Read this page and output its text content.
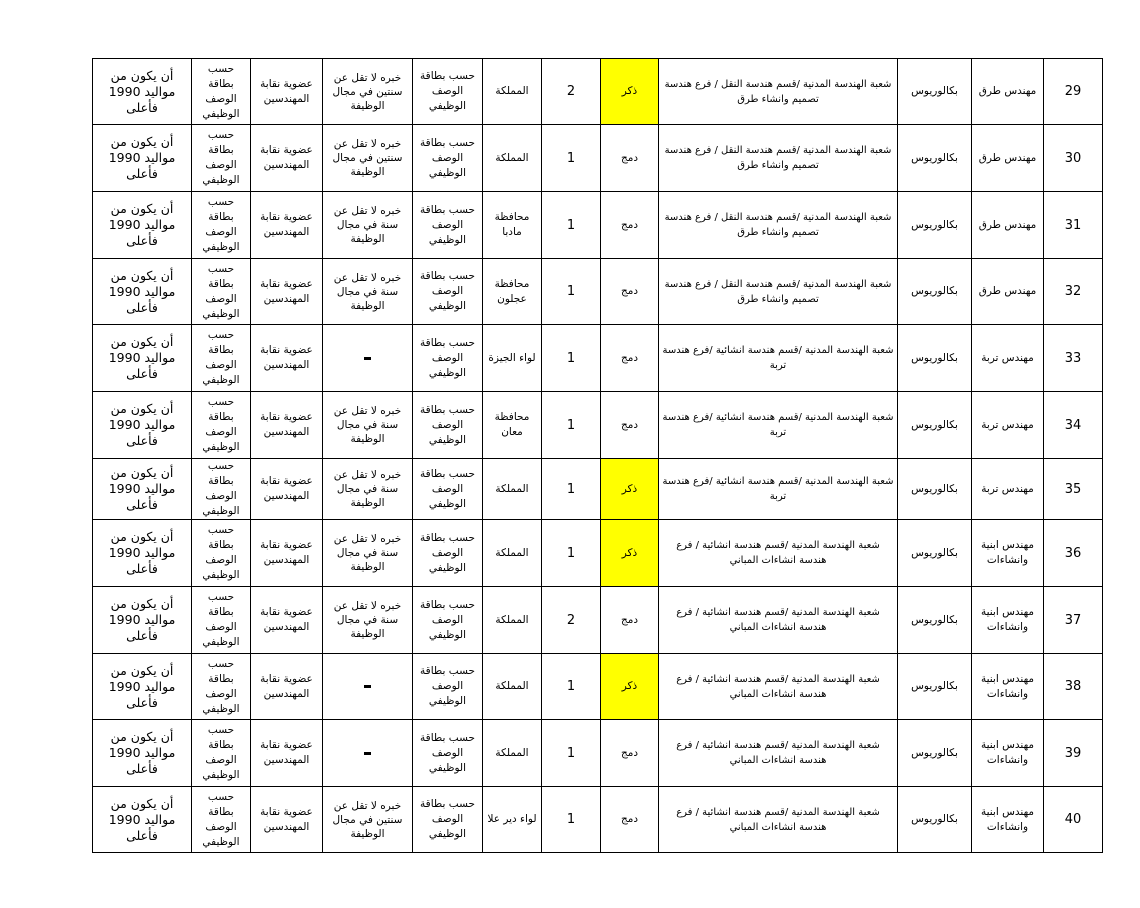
أن يكون من مواليد 1990 فأعلى	حسب بطاقة الوصف الوظيفي	عضوية نقابة المهندسين	خبره لا تقل عن سنتين في مجال الوظيفة	حسب بطاقة الوصف الوظيفي	المملكة	2	ذكر	شعبة الهندسة المدنية /قسم هندسة النقل / فرع هندسة تصميم وانشاء طرق	بكالوريوس	مهندس طرق	29
أن يكون من مواليد 1990 فأعلى	حسب بطاقة الوصف الوظيفي	عضوية نقابة المهندسين	خبره لا تقل عن سنتين في مجال الوظيفة	حسب بطاقة الوصف الوظيفي	المملكة	1	دمج	شعبة الهندسة المدنية /قسم هندسة النقل / فرع هندسة تصميم وانشاء طرق	بكالوريوس	مهندس طرق	30
أن يكون من مواليد 1990 فأعلى	حسب بطاقة الوصف الوظيفي	عضوية نقابة المهندسين	خبره لا تقل عن سنة في مجال الوظيفة	حسب بطاقة الوصف الوظيفي	محافظة مادبا	1	دمج	شعبة الهندسة المدنية /قسم هندسة النقل / فرع هندسة تصميم وانشاء طرق	بكالوريوس	مهندس طرق	31
أن يكون من مواليد 1990 فأعلى	حسب بطاقة الوصف الوظيفي	عضوية نقابة المهندسين	خبره لا تقل عن سنة في مجال الوظيفة	حسب بطاقة الوصف الوظيفي	محافظة عجلون	1	دمج	شعبة الهندسة المدنية /قسم هندسة النقل / فرع هندسة تصميم وانشاء طرق	بكالوريوس	مهندس طرق	32
أن يكون من مواليد 1990 فأعلى	حسب بطاقة الوصف الوظيفي	عضوية نقابة المهندسين		حسب بطاقة الوصف الوظيفي	لواء الجيزة	1	دمج	شعبة الهندسة المدنية /قسم هندسة انشائية /فرع هندسة تربة	بكالوريوس	مهندس تربة	33
أن يكون من مواليد 1990 فأعلى	حسب بطاقة الوصف الوظيفي	عضوية نقابة المهندسين	خبره لا تقل عن سنة في مجال الوظيفة	حسب بطاقة الوصف الوظيفي	محافظة معان	1	دمج	شعبة الهندسة المدنية /قسم هندسة انشائية /فرع هندسة تربة	بكالوريوس	مهندس تربة	34
أن يكون من مواليد 1990 فأعلى	حسب بطاقة الوصف الوظيفي	عضوية نقابة المهندسين	خبره لا تقل عن سنة في مجال الوظيفة	حسب بطاقة الوصف الوظيفي	المملكة	1	ذكر	شعبة الهندسة المدنية /قسم هندسة انشائية /فرع هندسة تربة	بكالوريوس	مهندس تربة	35
أن يكون من مواليد 1990 فأعلى	حسب بطاقة الوصف الوظيفي	عضوية نقابة المهندسين	خبره لا تقل عن سنة في مجال الوظيفة	حسب بطاقة الوصف الوظيفي	المملكة	1	ذكر	شعبة الهندسة المدنية /قسم هندسة انشائية / فرع هندسة انشاءات المباني	بكالوريوس	مهندس ابنية وانشاءات	36
أن يكون من مواليد 1990 فأعلى	حسب بطاقة الوصف الوظيفي	عضوية نقابة المهندسين	خبره لا تقل عن سنة في مجال الوظيفة	حسب بطاقة الوصف الوظيفي	المملكة	2	دمج	شعبة الهندسة المدنية /قسم هندسة انشائية / فرع هندسة انشاءات المباني	بكالوريوس	مهندس ابنية وانشاءات	37
أن يكون من مواليد 1990 فأعلى	حسب بطاقة الوصف الوظيفي	عضوية نقابة المهندسين		حسب بطاقة الوصف الوظيفي	المملكة	1	ذكر	شعبة الهندسة المدنية /قسم هندسة انشائية / فرع هندسة انشاءات المباني	بكالوريوس	مهندس ابنية وانشاءات	38
أن يكون من مواليد 1990 فأعلى	حسب بطاقة الوصف الوظيفي	عضوية نقابة المهندسين		حسب بطاقة الوصف الوظيفي	المملكة	1	دمج	شعبة الهندسة المدنية /قسم هندسة انشائية / فرع هندسة انشاءات المباني	بكالوريوس	مهندس ابنية وانشاءات	39
أن يكون من مواليد 1990 فأعلى	حسب بطاقة الوصف الوظيفي	عضوية نقابة المهندسين	خبره لا تقل عن سنتين في مجال الوظيفة	حسب بطاقة الوصف الوظيفي	لواء دير علا	1	دمج	شعبة الهندسة المدنية /قسم هندسة انشائية / فرع هندسة انشاءات المباني	بكالوريوس	مهندس ابنية وانشاءات	40
